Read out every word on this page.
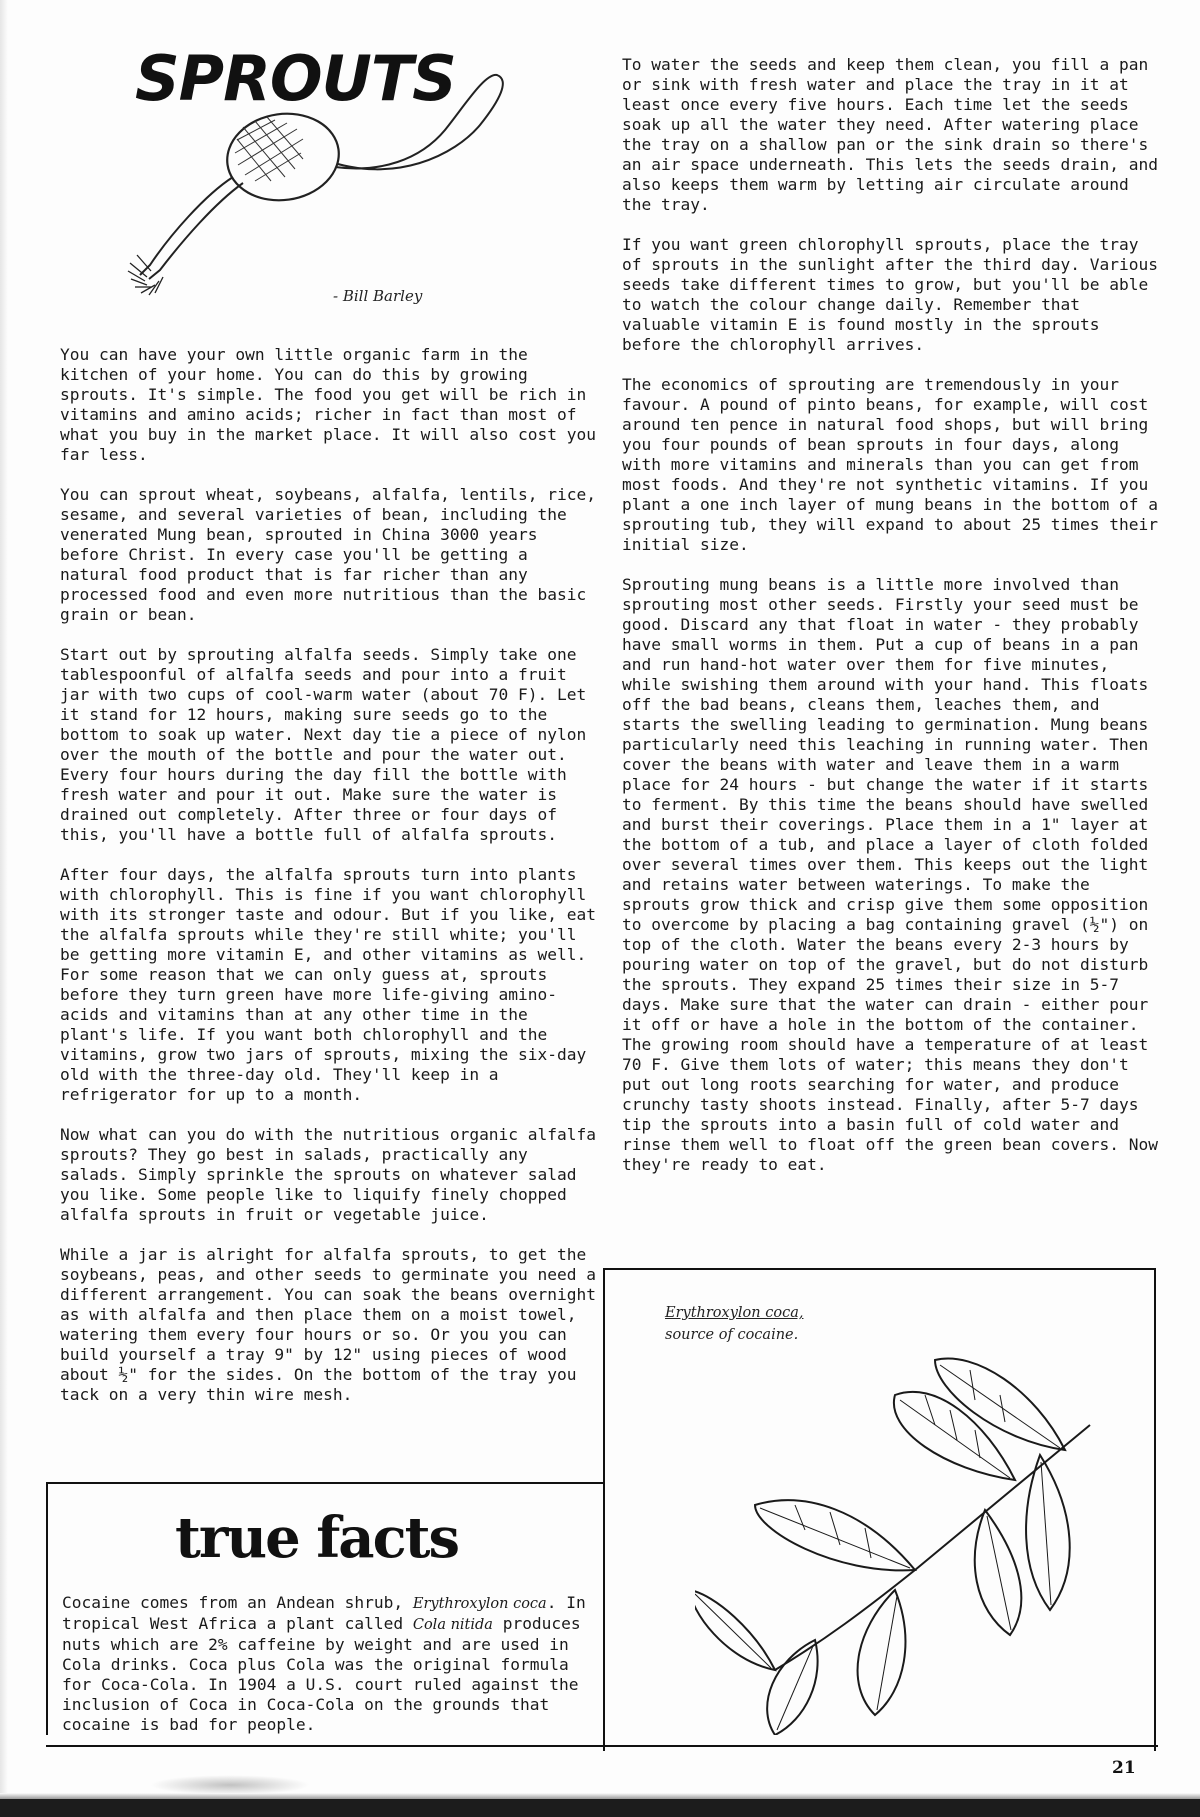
SPROUTS
- Bill Barley

You can have your own little organic farm in the kitchen of your home. You can do this by growing sprouts. It's simple. The food you get will be rich in vitamins and amino acids; richer in fact than most of what you buy in the market place. It will also cost you far less.

You can sprout wheat, soybeans, alfalfa, lentils, rice, sesame, and several varieties of bean, including the venerated Mung bean, sprouted in China 3000 years before Christ. In every case you'll be getting a natural food product that is far richer than any processed food and even more nutritious than the basic grain or bean.

Start out by sprouting alfalfa seeds. Simply take one tablespoonful of alfalfa seeds and pour into a fruit jar with two cups of cool-warm water (about 70 F). Let it stand for 12 hours, making sure seeds go to the bottom to soak up water. Next day tie a piece of nylon over the mouth of the bottle and pour the water out. Every four hours during the day fill the bottle with fresh water and pour it out. Make sure the water is drained out completely. After three or four days of this, you'll have a bottle full of alfalfa sprouts.

After four days, the alfalfa sprouts turn into plants with chlorophyll. This is fine if you want chlorophyll with its stronger taste and odour. But if you like, eat the alfalfa sprouts while they're still white; you'll be getting more vitamin E, and other vitamins as well. For some reason that we can only guess at, sprouts before they turn green have more life-giving amino-acids and vitamins than at any other time in the plant's life. If you want both chlorophyll and the vitamins, grow two jars of sprouts, mixing the six-day old with the three-day old. They'll keep in a refrigerator for up to a month.

Now what can you do with the nutritious organic alfalfa sprouts? They go best in salads, practically any salads. Simply sprinkle the sprouts on whatever salad you like. Some people like to liquify finely chopped alfalfa sprouts in fruit or vegetable juice.

While a jar is alright for alfalfa sprouts, to get the soybeans, peas, and other seeds to germinate you need a different arrangement. You can soak the beans overnight as with alfalfa and then place them on a moist towel, watering them every four hours or so. Or you you can build yourself a tray 9" by 12" using pieces of wood about ½" for the sides. On the bottom of the tray you tack on a very thin wire mesh.

To water the seeds and keep them clean, you fill a pan or sink with fresh water and place the tray in it at least once every five hours. Each time let the seeds soak up all the water they need. After watering place the tray on a shallow pan or the sink drain so there's an air space underneath. This lets the seeds drain, and also keeps them warm by letting air circulate around the tray.

If you want green chlorophyll sprouts, place the tray of sprouts in the sunlight after the third day. Various seeds take different times to grow, but you'll be able to watch the colour change daily. Remember that valuable vitamin E is found mostly in the sprouts before the chlorophyll arrives.

The economics of sprouting are tremendously in your favour. A pound of pinto beans, for example, will cost around ten pence in natural food shops, but will bring you four pounds of bean sprouts in four days, along with more vitamins and minerals than you can get from most foods. And they're not synthetic vitamins. If you plant a one inch layer of mung beans in the bottom of a sprouting tub, they will expand to about 25 times their initial size.

Sprouting mung beans is a little more involved than sprouting most other seeds. Firstly your seed must be good. Discard any that float in water - they probably have small worms in them. Put a cup of beans in a pan and run hand-hot water over them for five minutes, while swishing them around with your hand. This floats off the bad beans, cleans them, leaches them, and starts the swelling leading to germination. Mung beans particularly need this leaching in running water. Then cover the beans with water and leave them in a warm place for 24 hours - but change the water if it starts to ferment. By this time the beans should have swelled and burst their coverings. Place them in a 1" layer at the bottom of a tub, and place a layer of cloth folded over several times over them. This keeps out the light and retains water between waterings. To make the sprouts grow thick and crisp give them some opposition to overcome by placing a bag containing gravel (½") on top of the cloth. Water the beans every 2-3 hours by pouring water on top of the gravel, but do not disturb the sprouts. They expand 25 times their size in 5-7 days. Make sure that the water can drain - either pour it off or have a hole in the bottom of the container. The growing room should have a temperature of at least 70 F. Give them lots of water; this means they don't put out long roots searching for water, and produce crunchy tasty shoots instead. Finally, after 5-7 days tip the sprouts into a basin full of cold water and rinse them well to float off the green bean covers. Now they're ready to eat.

Erythroxylon coca,
source of cocaine.
true facts
Cocaine comes from an Andean shrub, Erythroxylon coca. In tropical West Africa a plant called Cola nitida produces nuts which are 2% caffeine by weight and are used in Cola drinks. Coca plus Cola was the original formula for Coca-Cola. In 1904 a U.S. court ruled against the inclusion of Coca in Coca-Cola on the grounds that cocaine is bad for people.
21
